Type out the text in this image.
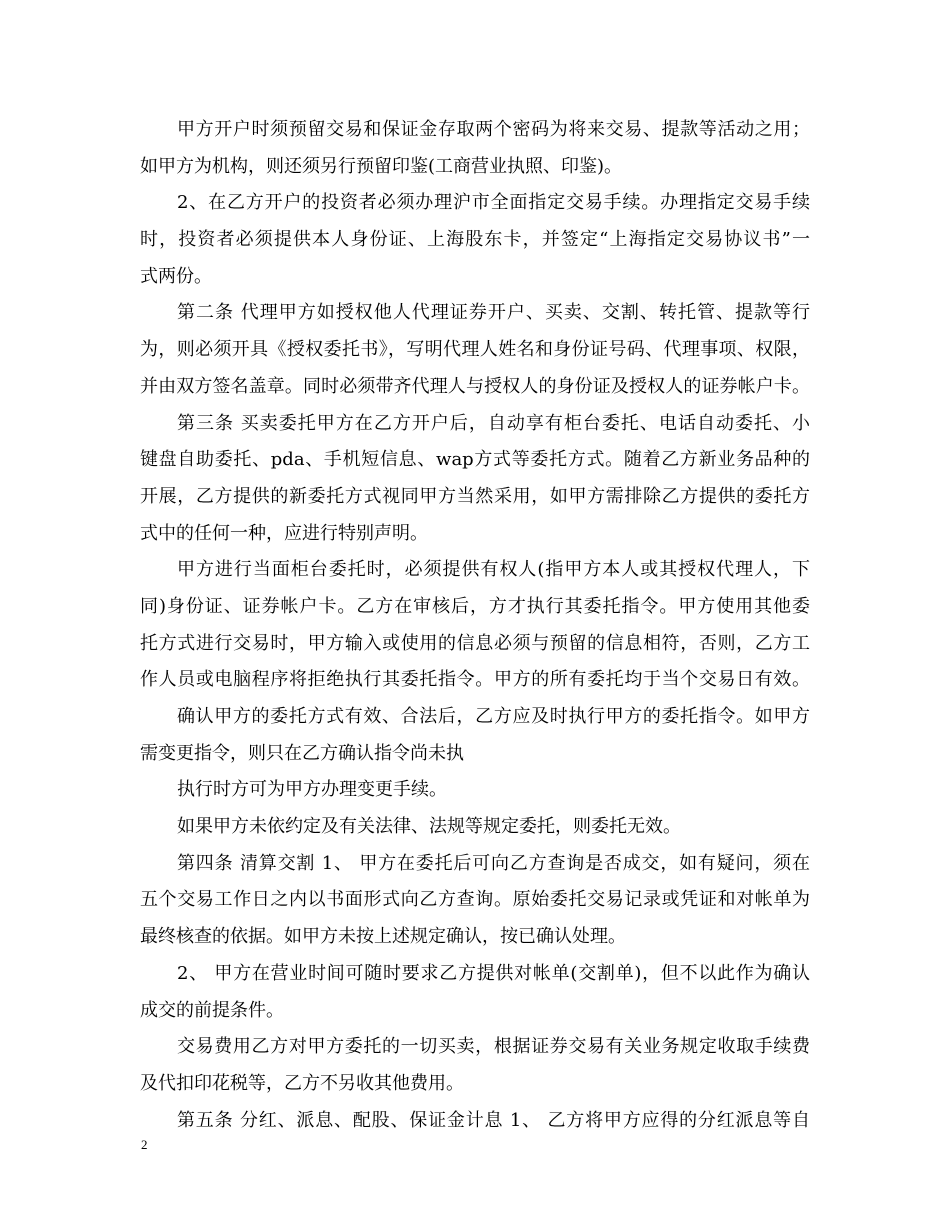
甲方开户时须预留交易和保证金存取两个密码为将来交易、提款等活动之用；
如甲方为机构，则还须另行预留印鉴(工商营业执照、印鉴)。
2、在乙方开户的投资者必须办理沪市全面指定交易手续。办理指定交易手续
时，投资者必须提供本人身份证、上海股东卡，并签定“上海指定交易协议书”一
式两份。
第二条 代理甲方如授权他人代理证券开户、买卖、交割、转托管、提款等行
为，则必须开具《授权委托书》，写明代理人姓名和身份证号码、代理事项、权限，
并由双方签名盖章。同时必须带齐代理人与授权人的身份证及授权人的证券帐户卡。
第三条 买卖委托甲方在乙方开户后，自动享有柜台委托、电话自动委托、小
键盘自助委托、pda、手机短信息、wap方式等委托方式。随着乙方新业务品种的
开展，乙方提供的新委托方式视同甲方当然采用，如甲方需排除乙方提供的委托方
式中的任何一种，应进行特别声明。
甲方进行当面柜台委托时，必须提供有权人(指甲方本人或其授权代理人，下
同)身份证、证券帐户卡。乙方在审核后，方才执行其委托指令。甲方使用其他委
托方式进行交易时，甲方输入或使用的信息必须与预留的信息相符，否则，乙方工
作人员或电脑程序将拒绝执行其委托指令。甲方的所有委托均于当个交易日有效。
确认甲方的委托方式有效、合法后，乙方应及时执行甲方的委托指令。如甲方
需变更指令，则只在乙方确认指令尚未执
执行时方可为甲方办理变更手续。
如果甲方未依约定及有关法律、法规等规定委托，则委托无效。
第四条 清算交割 1、 甲方在委托后可向乙方查询是否成交，如有疑问，须在
五个交易工作日之内以书面形式向乙方查询。原始委托交易记录或凭证和对帐单为
最终核查的依据。如甲方未按上述规定确认，按已确认处理。
2、 甲方在营业时间可随时要求乙方提供对帐单(交割单)，但不以此作为确认
成交的前提条件。
交易费用乙方对甲方委托的一切买卖，根据证券交易有关业务规定收取手续费
及代扣印花税等，乙方不另收其他费用。
第五条 分红、派息、配股、保证金计息 1、 乙方将甲方应得的分红派息等自
2
